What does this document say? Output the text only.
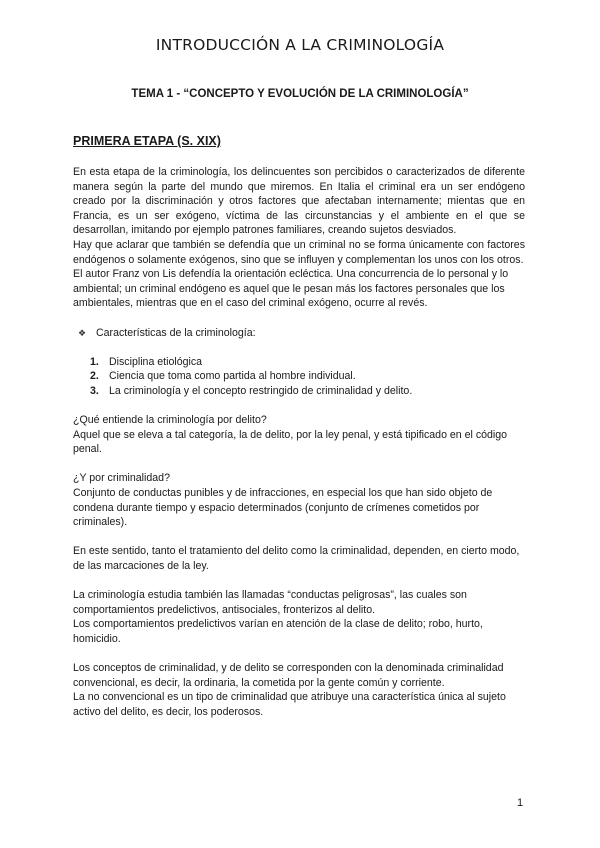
INTRODUCCIÓN A LA CRIMINOLOGÍA
TEMA 1 - “CONCEPTO Y EVOLUCIÓN DE LA CRIMINOLOGÍA”
PRIMERA ETAPA (S. XIX)

En esta etapa de la criminología, los delincuentes son percibidos o caracterizados de diferente manera según la parte del mundo que miremos. En Italia el criminal era un ser endógeno creado por la discriminación y otros factores que afectaban internamente; mientas que en Francia, es un ser exógeno, víctima de las circunstancias y el ambiente en el que se desarrollan, imitando por ejemplo patrones familiares, creando sujetos desviados.

Hay que aclarar que también se defendía que un criminal no se forma únicamente con factores endógenos o solamente exógenos, sino que se influyen y complementan los unos con los otros.

El autor Franz von Lis defendía la orientación ecléctica. Una concurrencia de lo personal y lo

ambiental; un criminal endógeno es aquel que le pesan más los factores personales que los ambientales, mientras que en el caso del criminal exógeno, ocurre al revés.

❖ Características de la criminología:
1. Disciplina etiológica
2. Ciencia que toma como partida al hombre individual.
3. La criminología y el concepto restringido de criminalidad y delito.

¿Qué entiende la criminología por delito?

Aquel que se eleva a tal categoría, la de delito, por la ley penal, y está tipificado en el código penal.

¿Y por criminalidad?

Conjunto de conductas punibles y de infracciones, en especial los que han sido objeto de condena durante tiempo y espacio determinados (conjunto de crímenes cometidos por criminales).

En este sentido, tanto el tratamiento del delito como la criminalidad, dependen, en cierto modo, de las marcaciones de la ley.

La criminología estudia también las llamadas “conductas peligrosas”, las cuales son comportamientos predelictivos, antisociales, fronterizos al delito.

Los comportamientos predelictivos varían en atención de la clase de delito; robo, hurto, homicidio.

Los conceptos de criminalidad, y de delito se corresponden con la denominada criminalidad convencional, es decir, la ordinaria, la cometida por la gente común y corriente.

La no convencional es un tipo de criminalidad que atribuye una característica única al sujeto activo del delito, es decir, los poderosos.

1
